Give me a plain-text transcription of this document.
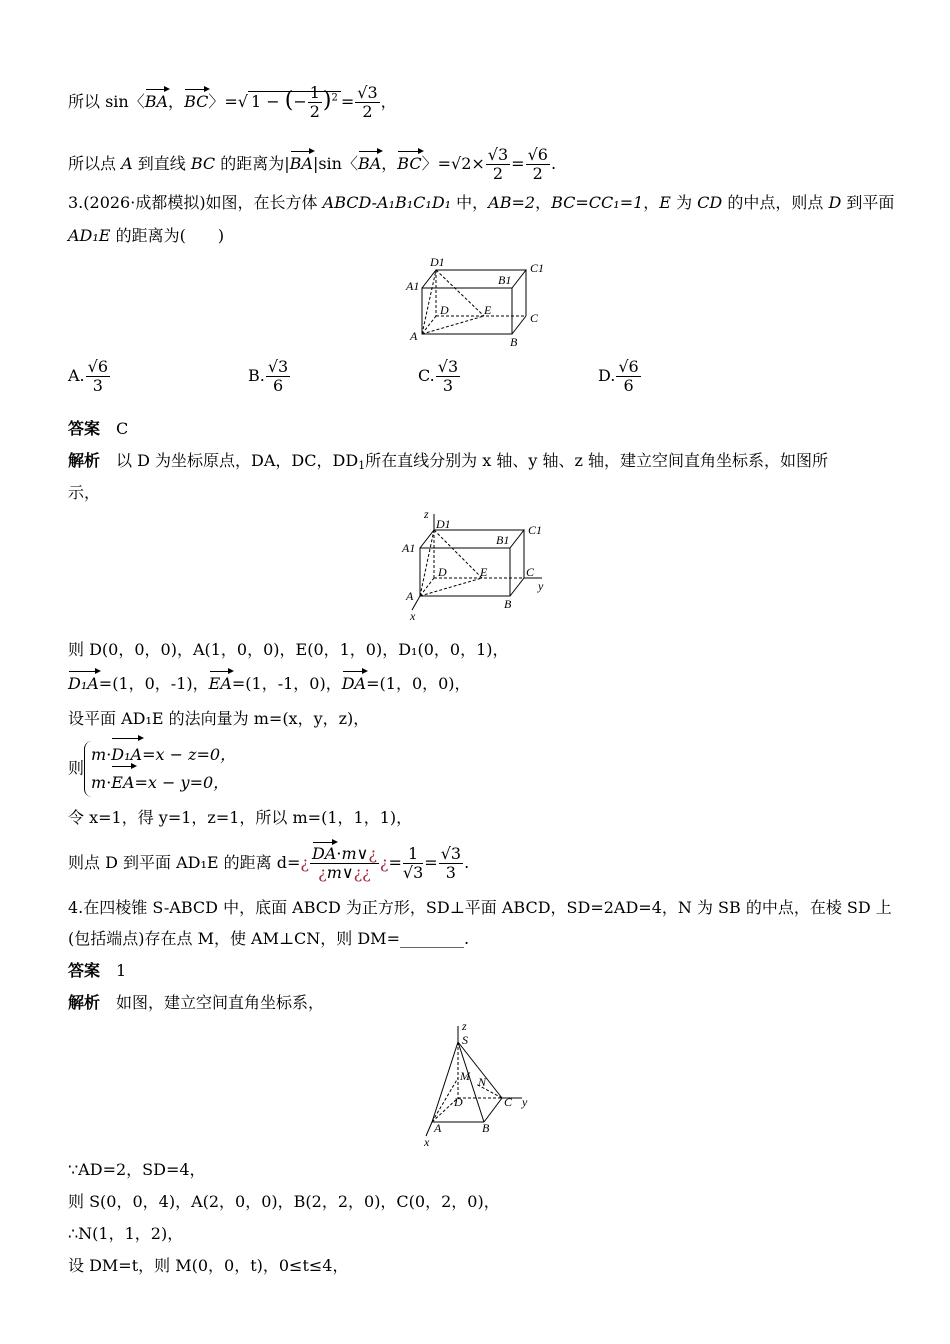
所以 sin〈BA，BC〉=√ 1 − (− $\frac{1}{2} )^2 = \frac{√3}{2}$ ，
所以点 A 到直线 BC 的距离为|BA|sin〈BA，BC〉$=√2\times \frac{√3}{2} = \frac{√6}{2}$ .
3.(2026·成都模拟)如图，在长方体 ABCD-A₁B₁C₁D₁ 中，AB=2，BC=CC₁=1，E 为 CD 的中点，则点 D 到平面
AD₁E 的距离为(　　)
D1	C1
A1	B1
D	E
C
A	B
A. $\frac{√6}{3}$	B. $\frac{√3}{6}$	C. $\frac{√3}{3}$	D. $\frac{√6}{6}$
答案　 C
解析　 以 D 为坐标原点，DA，DC，$DD_1$所在直线分别为 x 轴、y 轴、z 轴，建立空间直角坐标系，如图所
示，
z
D1	C1
A1
B1
D	E	C
y
A
B
x
则 D(0，0，0)，A(1，0，0)，E(0，1，0)，D₁(0，0，1)，
D₁A=(1，0，-1)，EA=(1，-1，0)，DA=(1，0，0)，
设平面 AD₁E 的法向量为 m=(x，y，z)，
则m·D₁A=x − z=0，
m·EA=x − y=0，
令 x=1，得 y=1，z=1，所以 m=(1，1，1)，
则点 D 到平面 AD₁E 的距离 d=¿ $\frac{DA\cdot m\vee¿}{¿m\vee¿¿}$ ¿= $\frac{1}{√3} = \frac{√3}{3}$ .
4.在四棱锥 S-ABCD 中，底面 ABCD 为正方形，SD⊥平面 ABCD，SD=2AD=4，N 为 SB 的中点，在棱 SD 上
(包括端点)存在点 M，使 AM⊥CN，则 DM=________.
答案　 1
解析　 如图，建立空间直角坐标系，
z
S
M N
D	C y
A	B
x
∵AD=2，SD=4，
则 S(0，0，4)，A(2，0，0)，B(2，2，0)，C(0，2，0)，
∴N(1，1，2)，
设 DM=t，则 M(0，0，t)，0≤t≤4，
